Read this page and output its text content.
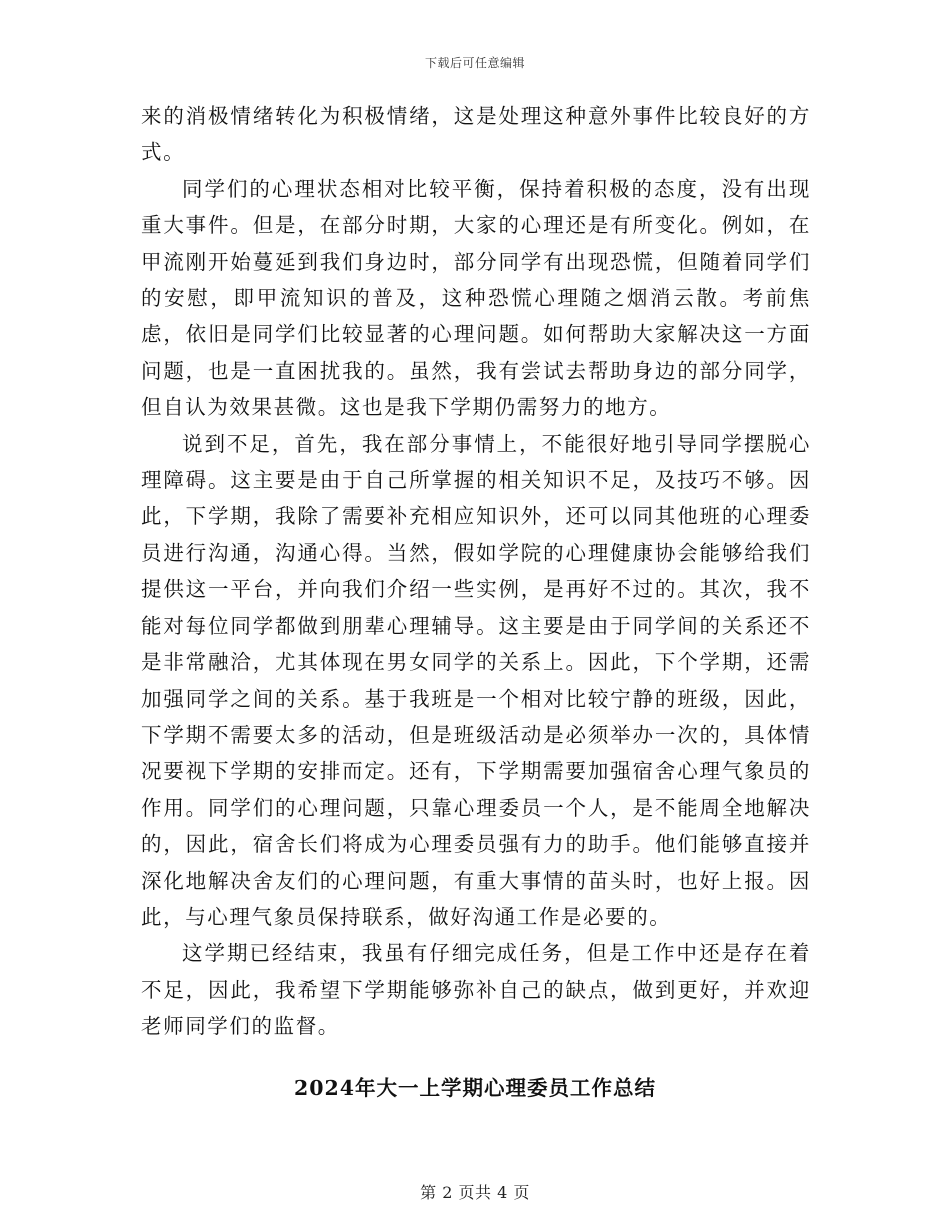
下载后可任意编辑

来的消极情绪转化为积极情绪，这是处理这种意外事件比较良好的方式。

同学们的心理状态相对比较平衡，保持着积极的态度，没有出现重大事件。但是，在部分时期，大家的心理还是有所变化。例如，在甲流刚开始蔓延到我们身边时，部分同学有出现恐慌，但随着同学们的安慰，即甲流知识的普及，这种恐慌心理随之烟消云散。考前焦虑，依旧是同学们比较显著的心理问题。如何帮助大家解决这一方面问题，也是一直困扰我的。虽然，我有尝试去帮助身边的部分同学，但自认为效果甚微。这也是我下学期仍需努力的地方。

说到不足，首先，我在部分事情上，不能很好地引导同学摆脱心理障碍。这主要是由于自己所掌握的相关知识不足，及技巧不够。因此，下学期，我除了需要补充相应知识外，还可以同其他班的心理委员进行沟通，沟通心得。当然，假如学院的心理健康协会能够给我们提供这一平台，并向我们介绍一些实例，是再好不过的。其次，我不能对每位同学都做到朋辈心理辅导。这主要是由于同学间的关系还不是非常融洽，尤其体现在男女同学的关系上。因此，下个学期，还需加强同学之间的关系。基于我班是一个相对比较宁静的班级，因此，下学期不需要太多的活动，但是班级活动是必须举办一次的，具体情况要视下学期的安排而定。还有，下学期需要加强宿舍心理气象员的作用。同学们的心理问题，只靠心理委员一个人，是不能周全地解决的，因此，宿舍长们将成为心理委员强有力的助手。他们能够直接并深化地解决舍友们的心理问题，有重大事情的苗头时，也好上报。因此，与心理气象员保持联系，做好沟通工作是必要的。

这学期已经结束，我虽有仔细完成任务，但是工作中还是存在着不足，因此，我希望下学期能够弥补自己的缺点，做到更好，并欢迎老师同学们的监督。

2024年大一上学期心理委员工作总结
第 2 页共 4 页
